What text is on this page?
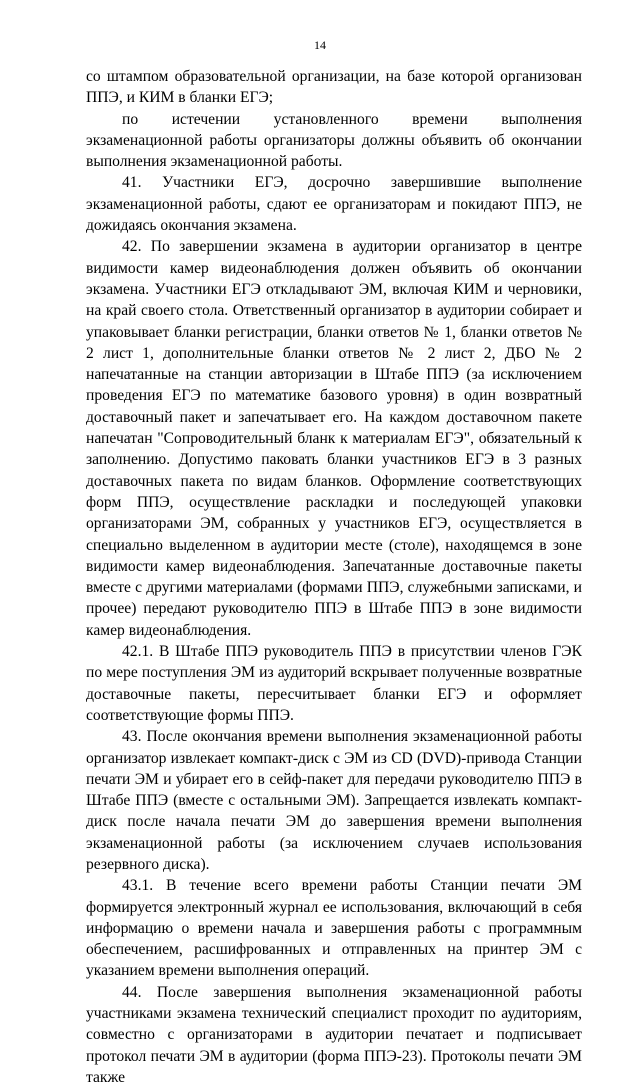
14

со штампом образовательной организации, на базе которой организован ППЭ, и КИМ в бланки ЕГЭ;

по истечении установленного времени выполнения экзаменационной работы организаторы должны объявить об окончании выполнения экзаменационной работы.

41. Участники ЕГЭ, досрочно завершившие выполнение экзаменационной работы, сдают ее организаторам и покидают ППЭ, не дожидаясь окончания экзамена.

42. По завершении экзамена в аудитории организатор в центре видимости камер видеонаблюдения должен объявить об окончании экзамена. Участники ЕГЭ откладывают ЭМ, включая КИМ и черновики, на край своего стола. Ответственный организатор в аудитории собирает и упаковывает бланки регистрации, бланки ответов № 1, бланки ответов № 2 лист 1, дополнительные бланки ответов № 2 лист 2, ДБО № 2 напечатанные на станции авторизации в Штабе ППЭ (за исключением проведения ЕГЭ по математике базового уровня) в один возвратный доставочный пакет и запечатывает его. На каждом доставочном пакете напечатан "Сопроводительный бланк к материалам ЕГЭ", обязательный к заполнению. Допустимо паковать бланки участников ЕГЭ в 3 разных доставочных пакета по видам бланков. Оформление соответствующих форм ППЭ, осуществление раскладки и последующей упаковки организаторами ЭМ, собранных у участников ЕГЭ, осуществляется в специально выделенном в аудитории месте (столе), находящемся в зоне видимости камер видеонаблюдения. Запечатанные доставочные пакеты вместе с другими материалами (формами ППЭ, служебными записками, и прочее) передают руководителю ППЭ в Штабе ППЭ в зоне видимости камер видеонаблюдения.

42.1. В Штабе ППЭ руководитель ППЭ в присутствии членов ГЭК по мере поступления ЭМ из аудиторий вскрывает полученные возвратные доставочные пакеты, пересчитывает бланки ЕГЭ и оформляет соответствующие формы ППЭ.

43. После окончания времени выполнения экзаменационной работы организатор извлекает компакт-диск с ЭМ из CD (DVD)-привода Станции печати ЭМ и убирает его в сейф-пакет для передачи руководителю ППЭ в Штабе ППЭ (вместе с остальными ЭМ). Запрещается извлекать компакт-диск после начала печати ЭМ до завершения времени выполнения экзаменационной работы (за исключением случаев использования резервного диска).

43.1. В течение всего времени работы Станции печати ЭМ формируется электронный журнал ее использования, включающий в себя информацию о времени начала и завершения работы с программным обеспечением, расшифрованных и отправленных на принтер ЭМ с указанием времени выполнения операций.

44. После завершения выполнения экзаменационной работы участниками экзамена технический специалист проходит по аудиториям, совместно с организаторами в аудитории печатает и подписывает протокол печати ЭМ в аудитории (форма ППЭ-23). Протоколы печати ЭМ также
